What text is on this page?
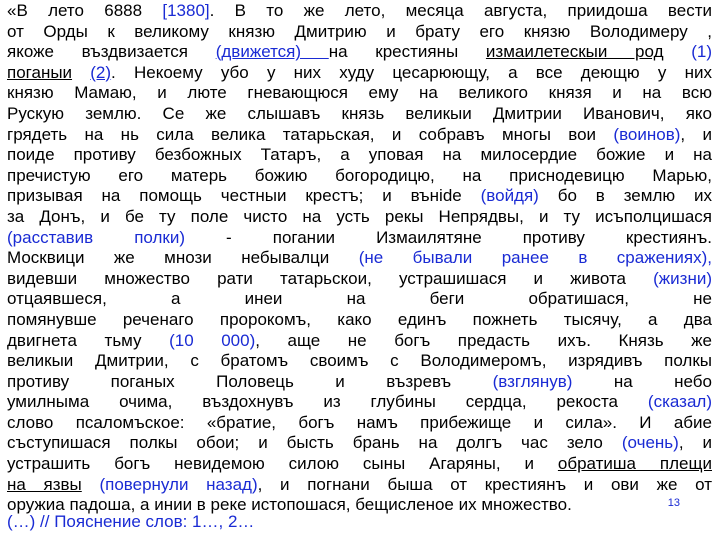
«В лето 6888 [1380]. В то же лето, месяца августа, приидоша вести
от Орды к великому князю Дмитрию и брату его князю Володимеру ,
якоже въздвизается (движется) на крестияны измаилетескыи род (1)
поганыи (2). Некоему убо у них худу цесарюющу, а все деющю у них
князю Мамаю, и люте гневающюся ему на великого князя и на всю
Рускую землю. Се же слышавъ князь великыи Дмитрии Иванович, яко
грядеть на нь сила велика татарьская, и собравъ многы вои (воинов), и
поиде противу безбожных Татаръ, а уповая на милосердие божие и на
пречистую его матерь божию богородицю, на приснодевицю Марью,
призывая на помощь честныи крестъ; и вънide (войдя) бо в землю их
за Донъ, и бе ту поле чисто на усть рекы Непрядвы, и ту исъполцишася
(расставив полки) - погании Измаилятяне противу крестиянъ.
Москвици же мнози небывалци (не бывали ранее в сражениях),
видевши множество рати татарьскои, устрашишася и живота (жизни)
отцаявшеся, а инеи на беги обратишася, не
помянувше реченаго пророкомъ, како единъ пожнеть тысячу, а два
двигнета тьму (10 000), аще не богъ предасть ихъ. Князь же
великыи Дмитрии, с братомъ своимъ с Володимеромъ, изрядивъ полкы
противу поганых Половець и възревъ (взглянув) на небо
умилныма очима, въздохнувъ из глубины сердца, рекоста (сказал)
слово псаломъское: «братие, богъ намъ прибежище и сила». И абие
съступишася полкы обои; и бысть брань на долгъ час зело (очень), и
устрашить богъ невидемою силою сыны Агаряны, и обратиша плещи
на язвы (повернули назад), и погнани быша от крестиянъ и ови же от
оружиа падоша, а инии в реке истопошася, бещисленое их множество.	13
(…) // Пояснение слов: 1…, 2…
